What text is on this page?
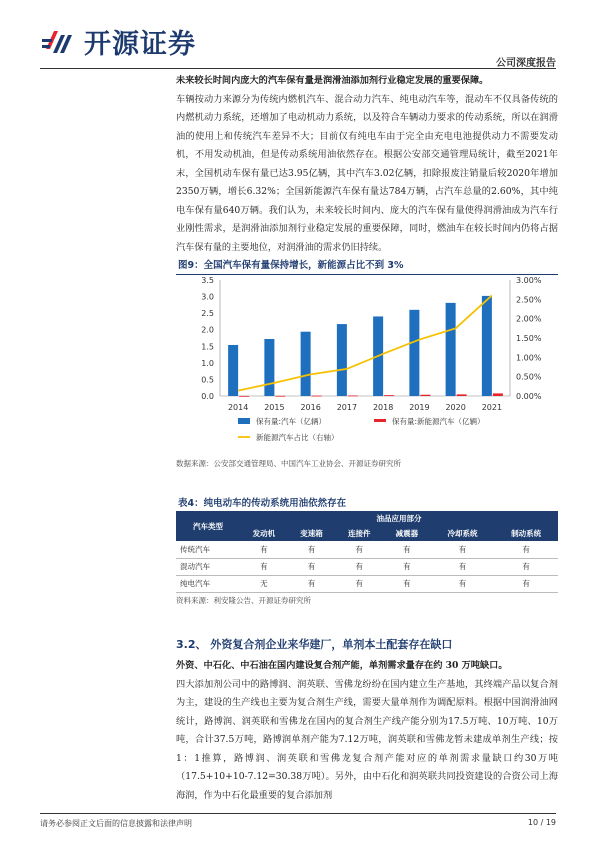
开源证券
公司深度报告
未来较长时间内庞大的汽车保有量是润滑油添加剂行业稳定发展的重要保障。
车辆按动力来源分为传统内燃机汽车、混合动力汽车、纯电动汽车等，混动车不仅具备传统的内燃机动力系统，还增加了电动机动力系统，以及符合车辆动力要求的传动系统，所以在润滑油的使用上和传统汽车差异不大；目前仅有纯电车由于完全由充电电池提供动力不需要发动机，不用发动机油，但是传动系统用油依然存在。根据公安部交通管理局统计，截至2021年末，全国机动车保有量已达3.95亿辆，其中汽车3.02亿辆，扣除报废注销量后较2020年增加2350万辆，增长6.32%；全国新能源汽车保有量达784万辆，占汽车总量的2.60%，其中纯电车保有量640万辆。我们认为，未来较长时间内、庞大的汽车保有量使得润滑油成为汽车行业刚性需求，是润滑油添加剂行业稳定发展的重要保障，同时，燃油车在较长时间内仍将占据汽车保有量的主要地位，对润滑油的需求仍旧持续。
图9：全国汽车保有量保持增长，新能源占比不到 3%
0.0
0.5
1.0
1.5
2.0
2.5
3.0
3.5
0.00%
0.50%
1.00%
1.50%
2.00%
2.50%
3.00%
2014 2015 2016 2017 2018 2019 2020 2021
保有量:汽车（亿辆）	保有量:新能源汽车（亿辆）
新能源汽车占比（右轴）
数据来源：公安部交通管理局、中国汽车工业协会、开源证券研究所
表4：纯电动车的传动系统用油依然存在
汽车类型	油品应用部分					
	发动机	变速箱	连接件	减震器	冷却系统	制动系统
传统汽车	有	有	有	有	有	有
混动汽车	有	有	有	有	有	有
纯电汽车	无	有	有	有	有	有
资料来源：利安隆公告、开源证券研究所
3.2、 外资复合剂企业来华建厂，单剂本土配套存在缺口
外资、中石化、中石油在国内建设复合剂产能，单剂需求量存在约 30 万吨缺口。
四大添加剂公司中的路博润、润英联、雪佛龙纷纷在国内建立生产基地，其终端产品以复合剂为主，建设的生产线也主要为复合剂生产线，需要大量单剂作为调配原料。根据中国润滑油网统计，路博润、润英联和雪佛龙在国内的复合剂生产线产能分别为17.5万吨、10万吨、10万吨，合计37.5万吨，路博润单剂产能为7.12万吨，润英联和雪佛龙暂未建成单剂生产线；按1：1推算，路博润、润英联和雪佛龙复合剂产能对应的单剂需求量缺口约30万吨（17.5+10+10-7.12=30.38万吨）。另外，由中石化和润英联共同投资建设的合资公司上海海润，作为中石化最重要的复合添加剂
请务必参阅正文后面的信息披露和法律声明	10 / 19
